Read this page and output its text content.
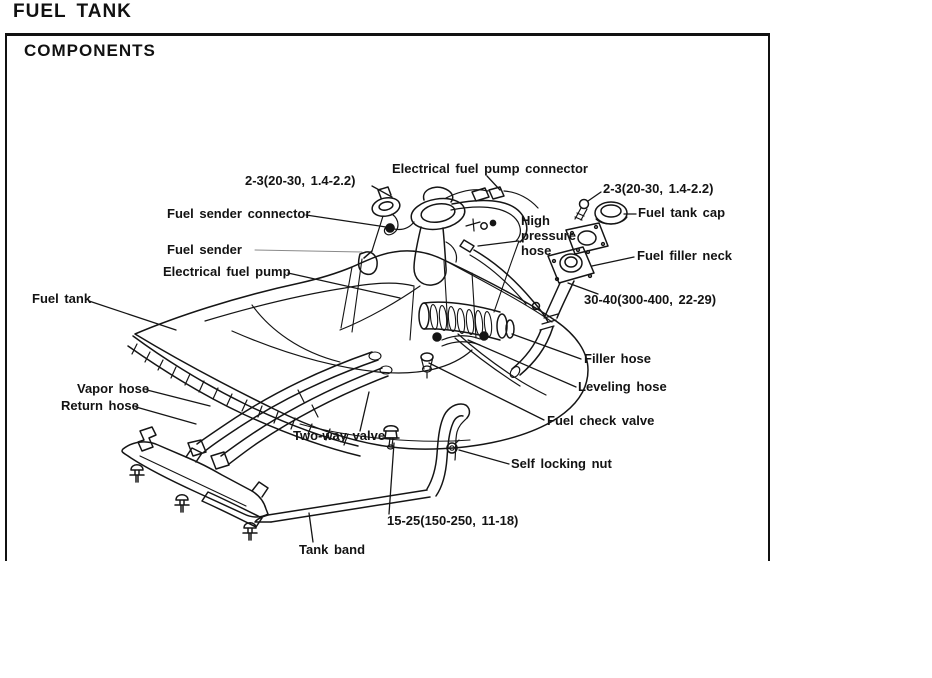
FUEL TANK
COMPONENTS
Electrical fuel pump connector
2-3(20-30, 1.4-2.2)
Fuel sender connector
2-3(20-30, 1.4-2.2)
Fuel tank cap
Fuel sender
High pressure hose	Fuel filler neck
Electrical fuel pump
Fuel tank	30-40(300-400, 22-29)
Filler hose
Leveling hose
Vapor hose
Return hose
Fuel check valve
Two-way valve
Self locking nut
15-25(150-250, 11-18)
Tank band
